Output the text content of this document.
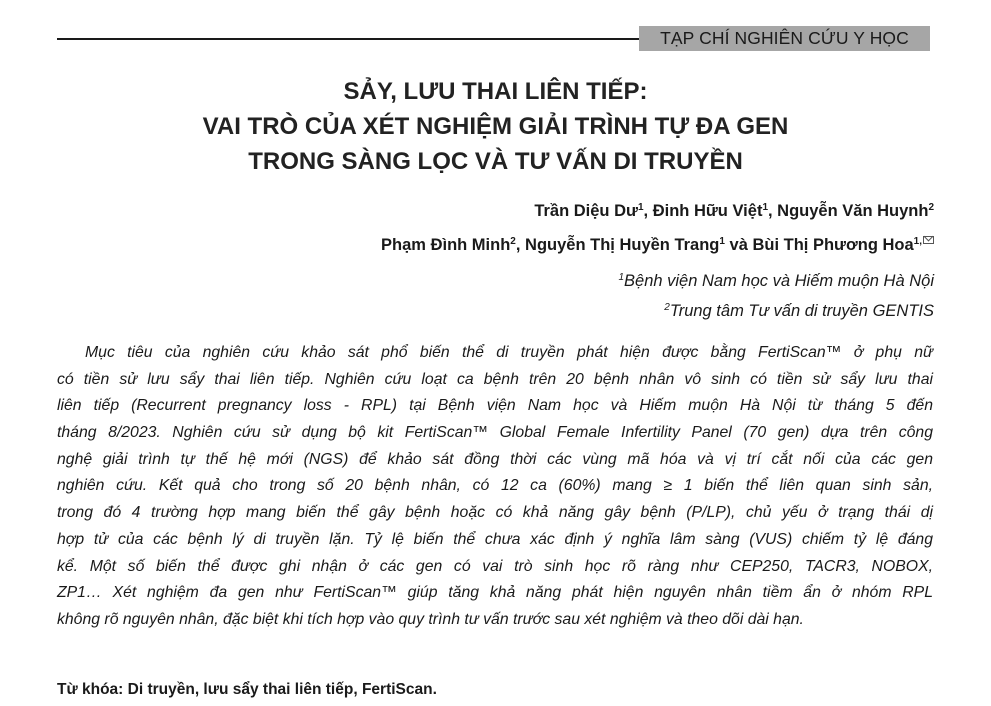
TẠP CHÍ NGHIÊN CỨU Y HỌC
SẢY, LƯU THAI LIÊN TIẾP:
VAI TRÒ CỦA XÉT NGHIỆM GIẢI TRÌNH TỰ ĐA GEN
TRONG SÀNG LỌC VÀ TƯ VẤN DI TRUYỀN
Trần Diệu $Dư^1$, Đinh Hữu Việt$^1$, Nguyễn Văn Huynh$^2$
Phạm Đình Minh$^2$, Nguyễn Thị Huyền Trang$^1$ và Bùi Thị Phương Hoa$^{1,}$
$^1$Bệnh viện Nam học và Hiếm muộn Hà Nội
$^2$Trung tâm Tư vấn di truyền GENTIS
Mục tiêu của nghiên cứu khảo sát phổ biến thể di truyền phát hiện được bằng FertiScan™ ở phụ nữ
có tiền sử lưu sẩy thai liên tiếp. Nghiên cứu loạt ca bệnh trên 20 bệnh nhân vô sinh có tiền sử sẩy lưu thai
liên tiếp (Recurrent pregnancy loss - RPL) tại Bệnh viện Nam học và Hiếm muộn Hà Nội từ tháng 5 đến
tháng 8/2023. Nghiên cứu sử dụng bộ kit FertiScan™ Global Female Infertility Panel (70 gen) dựa trên công
nghệ giải trình tự thế hệ mới (NGS) để khảo sát đồng thời các vùng mã hóa và vị trí cắt nối của các gen
nghiên cứu. Kết quả cho trong số 20 bệnh nhân, có 12 ca (60%) mang ≥ 1 biến thể liên quan sinh sản,
trong đó 4 trường hợp mang biến thể gây bệnh hoặc có khả năng gây bệnh (P/LP), chủ yếu ở trạng thái dị
hợp tử của các bệnh lý di truyền lặn. Tỷ lệ biến thể chưa xác định ý nghĩa lâm sàng (VUS) chiếm tỷ lệ đáng
kể. Một số biến thể được ghi nhận ở các gen có vai trò sinh học rõ ràng như CEP250, TACR3, NOBOX,
ZP1… Xét nghiệm đa gen như FertiScan™ giúp tăng khả năng phát hiện nguyên nhân tiềm ẩn ở nhóm RPL
không rõ nguyên nhân, đặc biệt khi tích hợp vào quy trình tư vấn trước sau xét nghiệm và theo dõi dài hạn.
Từ khóa: Di truyền, lưu sẩy thai liên tiếp, FertiScan.
